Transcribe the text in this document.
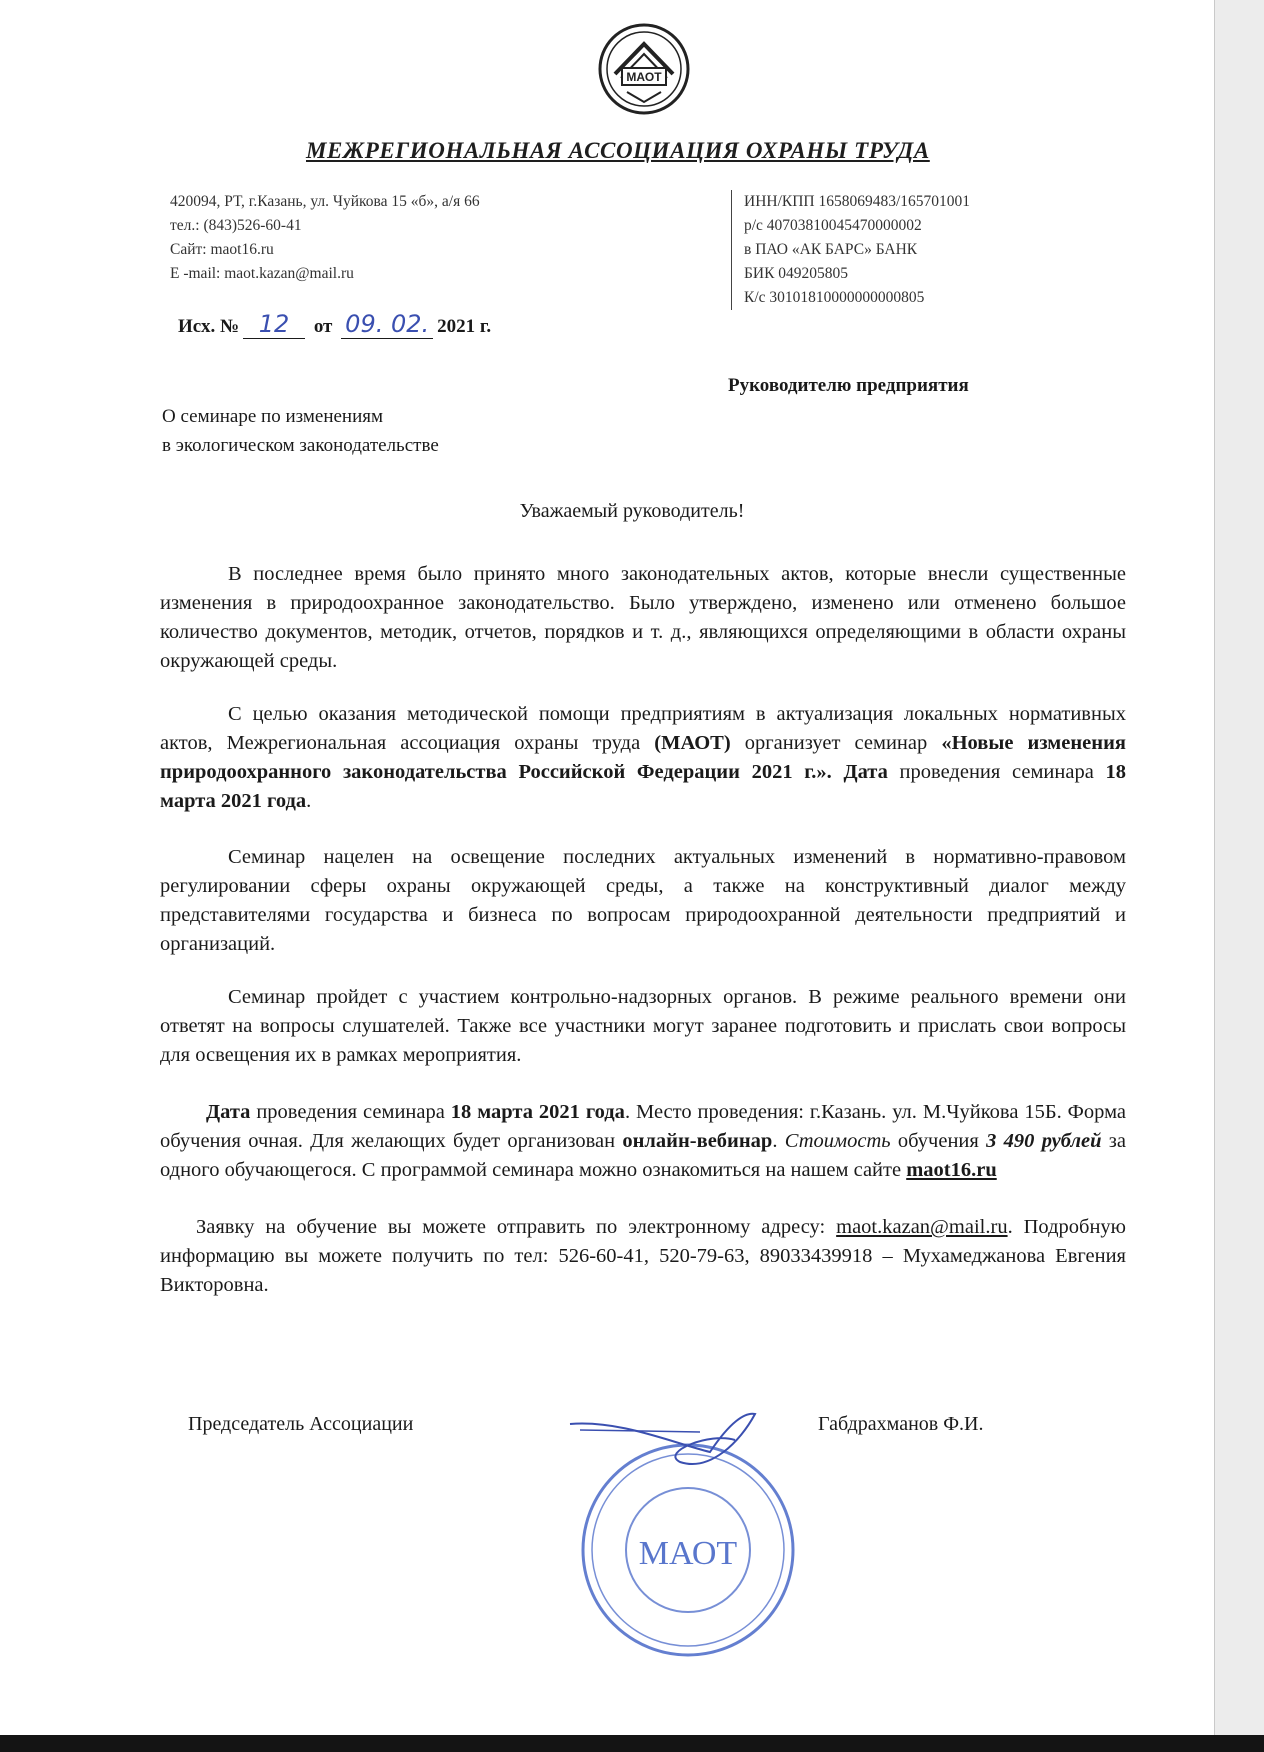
МАОТ
МЕЖРЕГИОНАЛЬНАЯ АССОЦИАЦИЯ ОХРАНЫ ТРУДА
420094, РТ, г.Казань, ул. Чуйкова 15 «б», а/я 66
тел.: (843)526-60-41
Сайт: maot16.ru
E -mail: maot.kazan@mail.ru
ИНН/КПП 1658069483/165701001
р/с 40703810045470000002
в ПАО «АК БАРС» БАНК
БИК 049205805
К/с 30101810000000000805
Исх. № 12 от 09. 02. 2021 г.
Руководителю предприятия
О семинаре по изменениям
в экологическом законодательстве
Уважаемый руководитель!

В последнее время было принято много законодательных актов, которые внесли существенные изменения в природоохранное законодательство. Было утверждено, изменено или отменено большое количество документов, методик, отчетов, порядков и т. д., являющихся определяющими в области охраны окружающей среды.

С целью оказания методической помощи предприятиям в актуализация локальных нормативных актов, Межрегиональная ассоциация охраны труда (МАОТ) организует семинар «Новые изменения природоохранного законодательства Российской Федерации 2021 г.». Дата проведения семинара 18 марта 2021 года.

Семинар нацелен на освещение последних актуальных изменений в нормативно-правовом регулировании сферы охраны окружающей среды, а также на конструктивный диалог между представителями государства и бизнеса по вопросам природоохранной деятельности предприятий и организаций.

Семинар пройдет с участием контрольно-надзорных органов. В режиме реального времени они ответят на вопросы слушателей. Также все участники могут заранее подготовить и прислать свои вопросы для освещения их в рамках мероприятия.

Дата проведения семинара 18 марта 2021 года. Место проведения: г.Казань. ул. М.Чуйкова 15Б. Форма обучения очная. Для желающих будет организован онлайн-вебинар. Стоимость обучения 3 490 рублей за одного обучающегося. С программой семинара можно ознакомиться на нашем сайте maot16.ru

Заявку на обучение вы можете отправить по электронному адресу: maot.kazan@mail.ru. Подробную информацию вы можете получить по тел: 526-60-41, 520-79-63, 89033439918 – Мухамеджанова Евгения Викторовна.

Председатель Ассоциации
МАОТ
Габдрахманов Ф.И.
